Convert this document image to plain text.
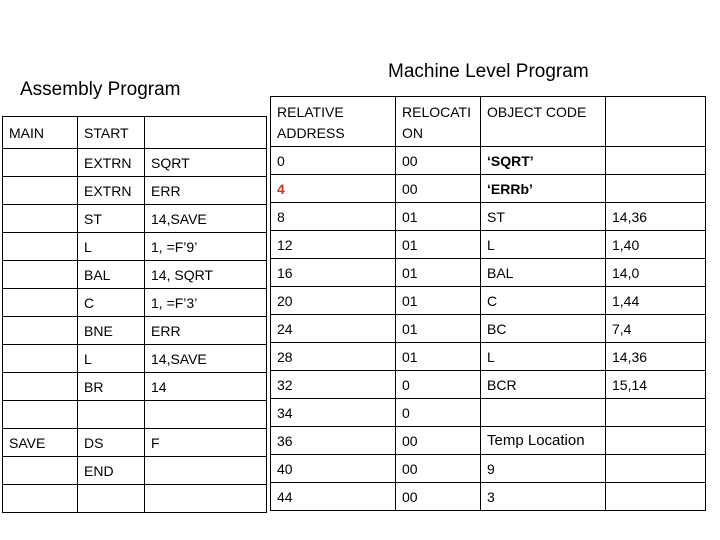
Assembly Program
Machine Level Program
MAIN	START	
	EXTRN	SQRT
	EXTRN	ERR
	ST	14,SAVE
	L	1, =F’9’
	BAL	14, SQRT
	C	1, =F’3’
	BNE	ERR
	L	14,SAVE
	BR	14

SAVE	DS	F
	END	

RELATIVE ADDRESS	RELOCATI ON	OBJECT CODE	
0	00	‘SQRT’	
4	00	‘ERRb’	
8	01	ST	14,36
12	01	L	1,40
16	01	BAL	14,0
20	01	C	1,44
24	01	BC	7,4
28	01	L	14,36
32	0	BCR	15,14
34	0		
36	00	Temp Location	
40	00	9	
44	00	3	
